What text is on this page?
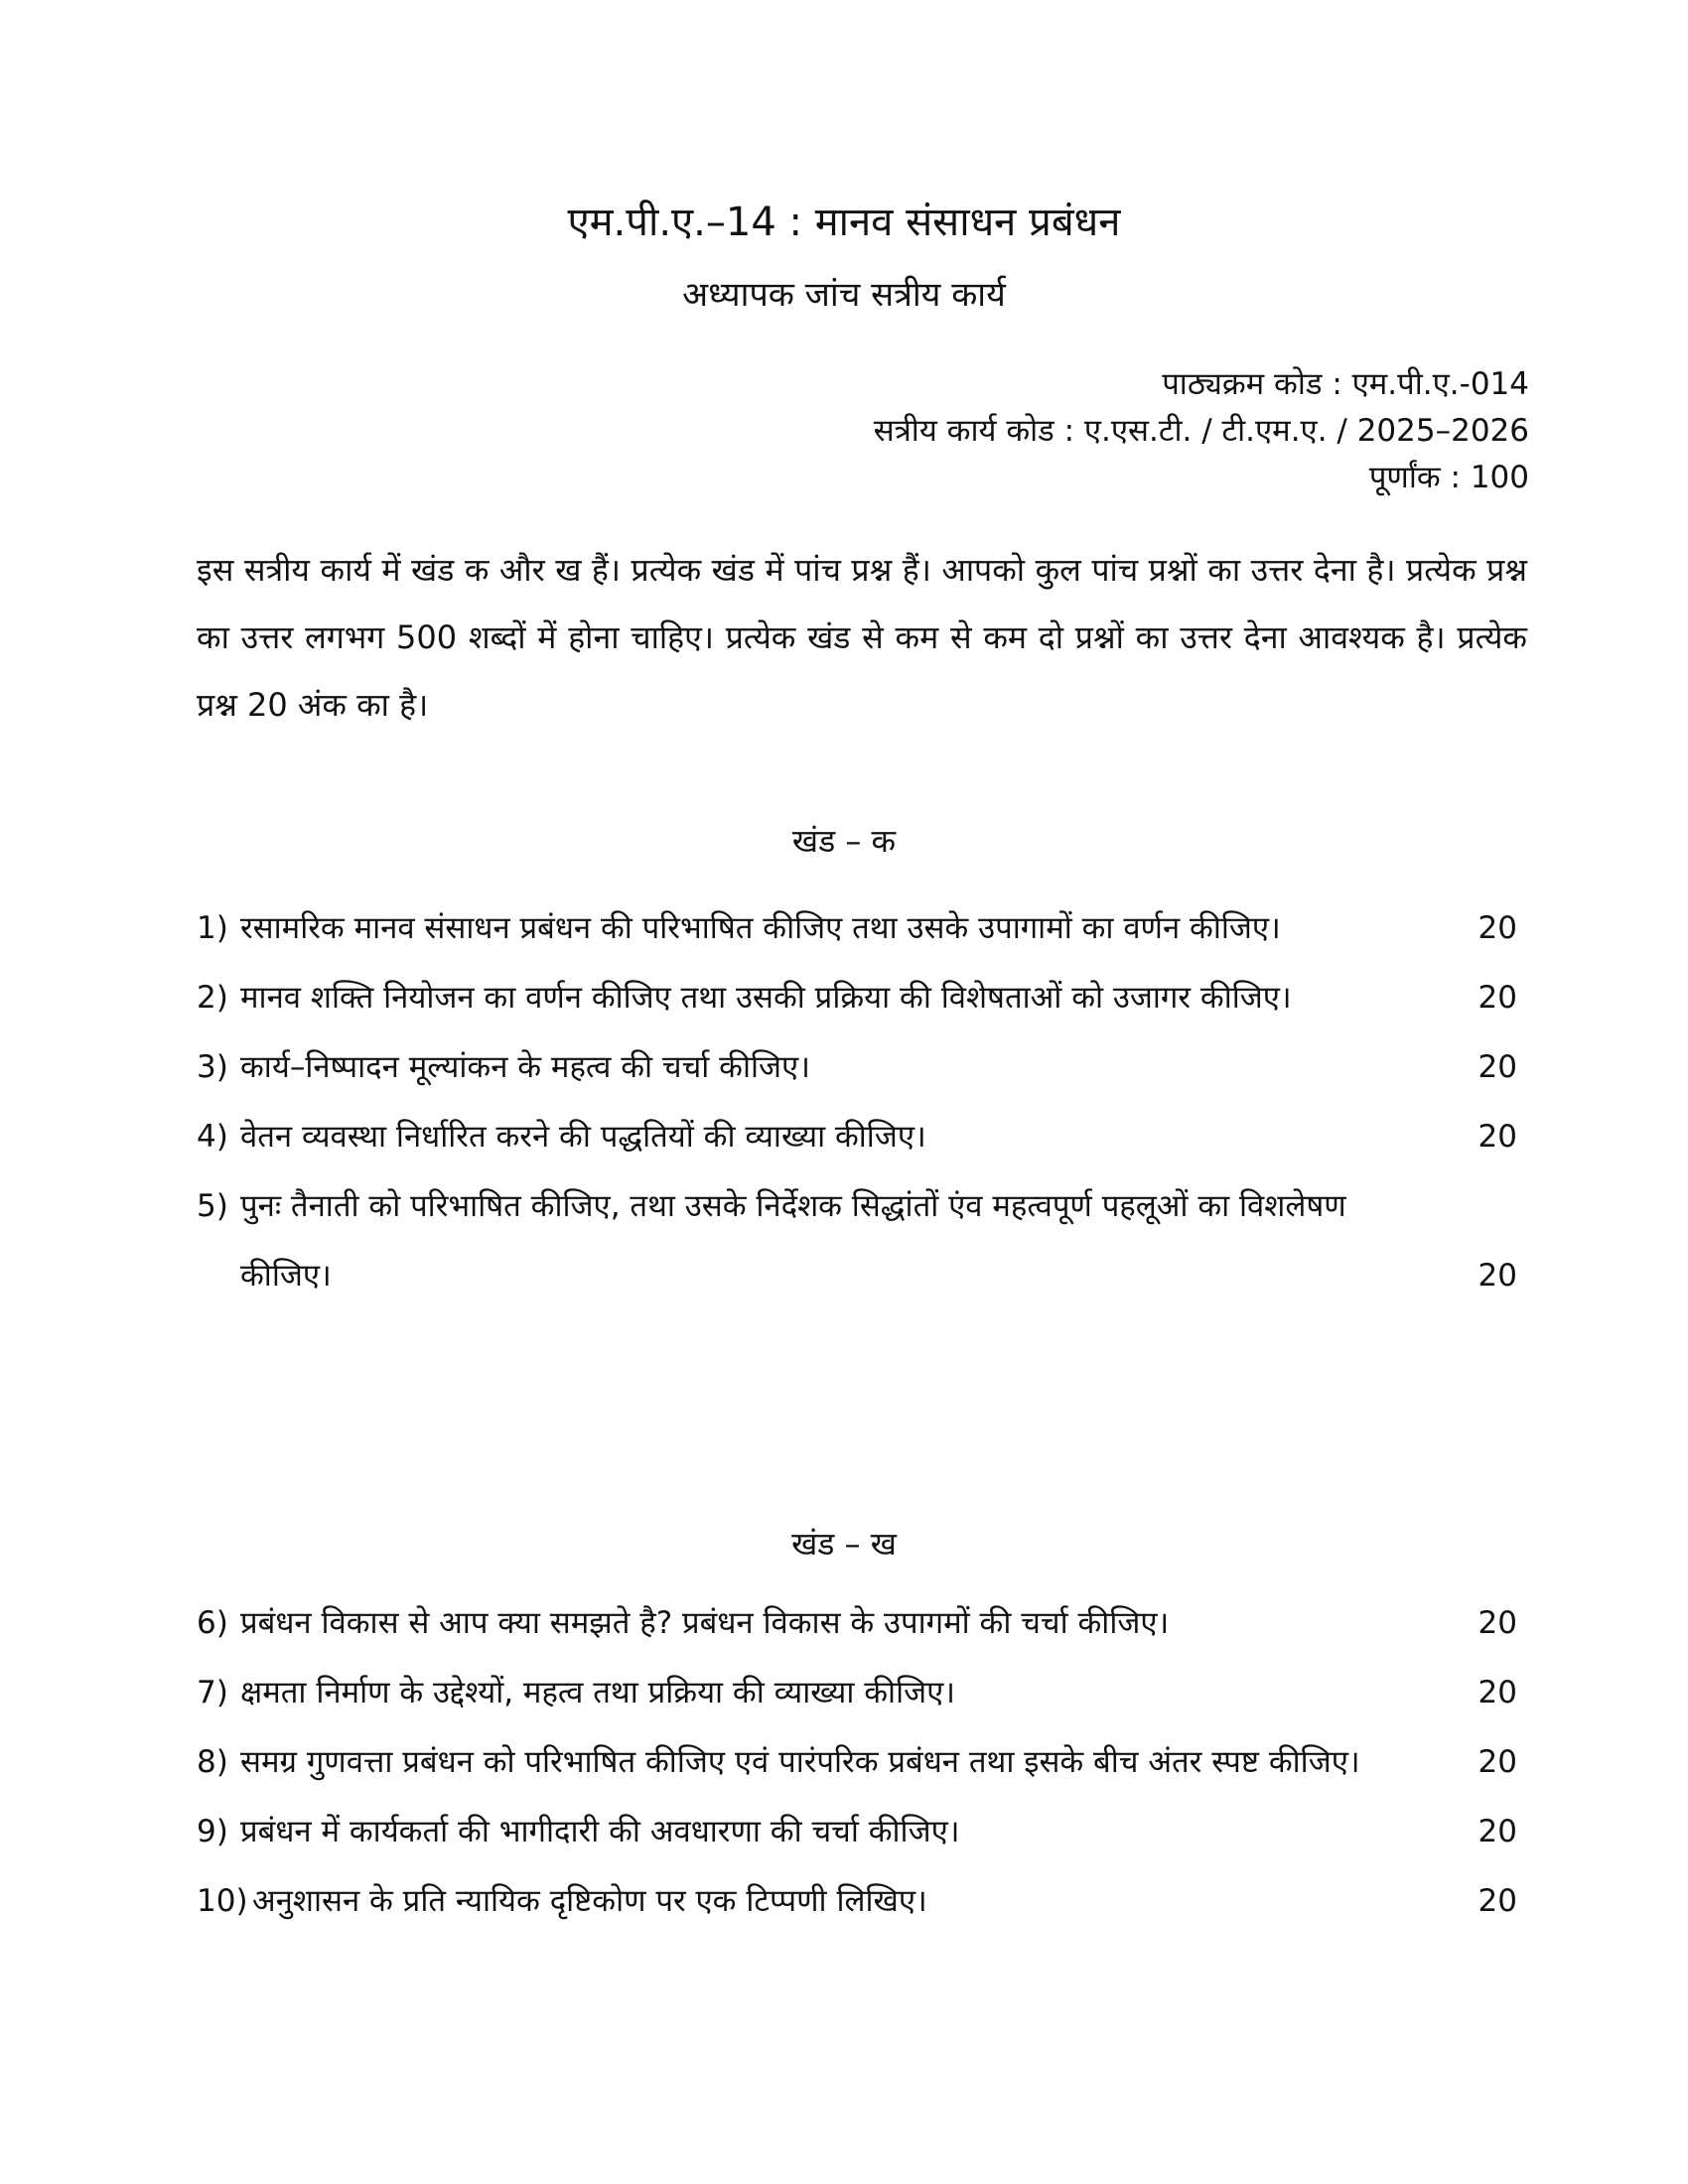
एम.पी.ए.–14 : मानव संसाधन प्रबंधन
अध्यापक जांच सत्रीय कार्य
पाठ्यक्रम कोड : एम.पी.ए.-014
सत्रीय कार्य कोड : ए.एस.टी. / टी.एम.ए. / 2025–2026
पूर्णांक : 100
इस सत्रीय कार्य में खंड क और ख हैं। प्रत्येक खंड में पांच प्रश्न हैं। आपको कुल पांच प्रश्नों का उत्तर देना है। प्रत्येक प्रश्न का उत्तर लगभग 500 शब्दों में होना चाहिए। प्रत्येक खंड से कम से कम दो प्रश्नों का उत्तर देना आवश्यक है। प्रत्येक प्रश्न 20 अंक का है।
खंड – क
1) रसामरिक मानव संसाधन प्रबंधन की परिभाषित कीजिए तथा उसके उपागामों का वर्णन कीजिए।	20
2) मानव शक्ति नियोजन का वर्णन कीजिए तथा उसकी प्रक्रिया की विशेषताओं को उजागर कीजिए।	20
3) कार्य–निष्पादन मूल्यांकन के महत्व की चर्चा कीजिए।	20
4) वेतन व्यवस्था निर्धारित करने की पद्धतियों की व्याख्या कीजिए।	20
5) पुनः तैनाती को परिभाषित कीजिए, तथा उसके निर्देशक सिद्धांतों एंव महत्वपूर्ण पहलूओं का विशलेषण कीजिए।	20
खंड – ख
6) प्रबंधन विकास से आप क्या समझते है? प्रबंधन विकास के उपागमों की चर्चा कीजिए।	20
7) क्षमता निर्माण के उद्देश्यों, महत्व तथा प्रक्रिया की व्याख्या कीजिए।	20
8) समग्र गुणवत्ता प्रबंधन को परिभाषित कीजिए एवं पारंपरिक प्रबंधन तथा इसके बीच अंतर स्पष्ट कीजिए।	20
9) प्रबंधन में कार्यकर्ता की भागीदारी की अवधारणा की चर्चा कीजिए।	20
10) अनुशासन के प्रति न्यायिक दृष्टिकोण पर एक टिप्पणी लिखिए।	20
